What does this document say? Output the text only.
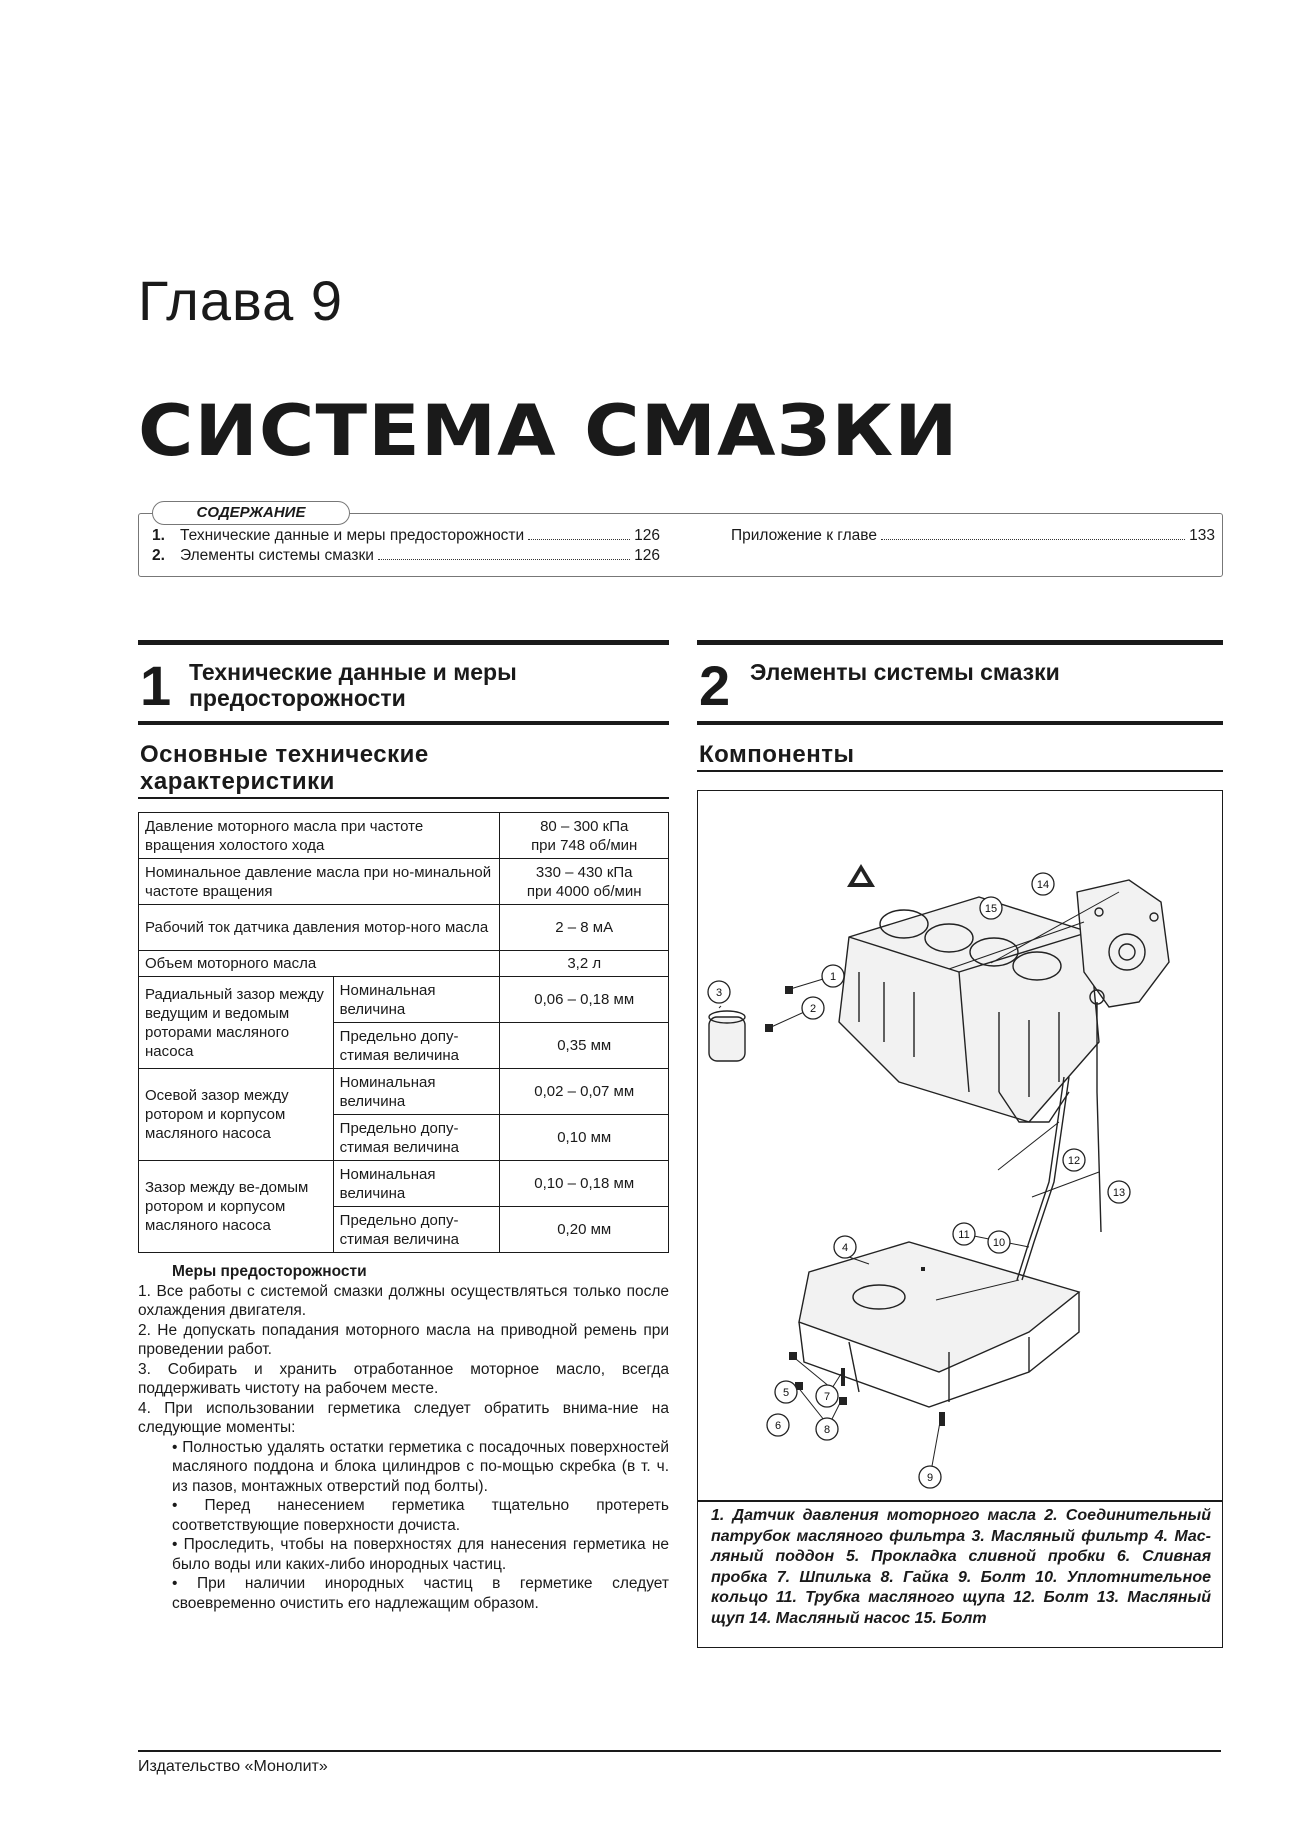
Глава 9
СИСТЕМА СМАЗКИ
СОДЕРЖАНИЕ
1. Технические данные и меры предосторожности	126
2. Элементы системы смазки	126
Приложение к главе	133
1 Технические данные и меры
предосторожности
Основные технические
характеристики
Давление моторного масла при частоте вращения холостого хода		80 – 300 кПа
при 748 об/мин
Номинальное давление масла при но-минальной частоте вращения		330 – 430 кПа
при 4000 об/мин
Рабочий ток датчика давления мотор-ного масла		2 – 8 мА
Объем моторного масла		3,2 л
Радиальный зазор между ведущим и ведомым роторами масляного насоса	Номинальная величина	0,06 – 0,18 мм
	Предельно допу-стимая величина	0,35 мм
Осевой зазор между ротором и корпусом масляного насоса	Номинальная величина	0,02 – 0,07 мм
	Предельно допу-стимая величина	0,10 мм
Зазор между ве-домым ротором и корпусом масляного насоса	Номинальная величина	0,10 – 0,18 мм
	Предельно допу-стимая величина	0,20 мм
Меры предосторожности
1. Все работы с системой смазки должны осуществляться только после охлаждения двигателя.
2. Не допускать попадания моторного масла на приводной ремень при проведении работ.
3. Собирать и хранить отработанное моторное масло, всегда поддерживать чистоту на рабочем месте.
4. При использовании герметика следует обратить внима-ние на следующие моменты:
• Полностью удалять остатки герметика с посадочных поверхностей масляного поддона и блока цилиндров с по-мощью скребка (в т. ч. из пазов, монтажных отверстий под болты).
• Перед нанесением герметика тщательно протереть соответствующие поверхности дочиста.
• Проследить, чтобы на поверхностях для нанесения герметика не было воды или каких-либо инородных частиц.
• При наличии инородных частиц в герметике следует своевременно очистить его надлежащим образом.
2 Элементы системы смазки
Компоненты
1
2
3
4
5
6
7
8
9
10
11
12
13
14
15
1. Датчик давления моторного масла 2. Соединительный патрубок масляного фильтра 3. Масляный фильтр 4. Мас-ляный поддон 5. Прокладка сливной пробки 6. Сливная пробка 7. Шпилька 8. Гайка 9. Болт 10. Уплотнительное кольцо 11. Трубка масляного щупа 12. Болт 13. Масляный щуп 14. Масляный насос 15. Болт
Издательство «Монолит»
